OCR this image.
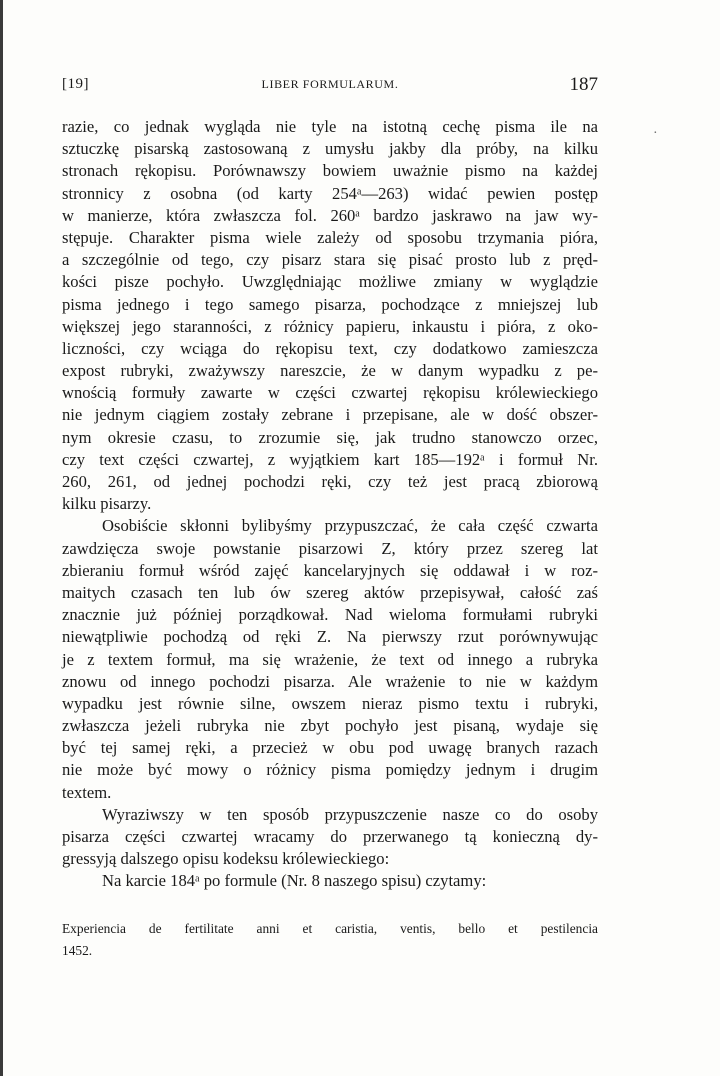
[19]	LIBER FORMULARUM.	187
·
razie, co jednak wygląda nie tyle na istotną cechę pisma ile na
sztuczkę pisarską zastosowaną z umysłu jakby dla próby, na kilku
stronach rękopisu. Porównawszy bowiem uważnie pismo na każdej
stronnicy z osobna (od karty 254ᵃ—263) widać pewien postęp
w manierze, która zwłaszcza fol. 260ᵃ bardzo jaskrawo na jaw wy-
stępuje. Charakter pisma wiele zależy od sposobu trzymania pióra,
a szczególnie od tego, czy pisarz stara się pisać prosto lub z pręd-
kości pisze pochyło. Uwzględniając możliwe zmiany w wyglądzie
pisma jednego i tego samego pisarza, pochodzące z mniejszej lub
większej jego staranności, z różnicy papieru, inkaustu i pióra, z oko-
liczności, czy wciąga do rękopisu text, czy dodatkowo zamieszcza
expost rubryki, zważywszy nareszcie, że w danym wypadku z pe-
wnością formuły zawarte w części czwartej rękopisu królewieckiego
nie jednym ciągiem zostały zebrane i przepisane, ale w dość obszer-
nym okresie czasu, to zrozumie się, jak trudno stanowczo orzec,
czy text części czwartej, z wyjątkiem kart 185—192ᵃ i formuł Nr.
260, 261, od jednej pochodzi ręki, czy też jest pracą zbiorową
kilku pisarzy.
Osobiście skłonni bylibyśmy przypuszczać, że cała część czwarta
zawdzięcza swoje powstanie pisarzowi Z, który przez szereg lat
zbieraniu formuł wśród zajęć kancelaryjnych się oddawał i w roz-
maitych czasach ten lub ów szereg aktów przepisywał, całość zaś
znacznie już później porządkował. Nad wieloma formułami rubryki
niewątpliwie pochodzą od ręki Z. Na pierwszy rzut porównywując
je z textem formuł, ma się wrażenie, że text od innego a rubryka
znowu od innego pochodzi pisarza. Ale wrażenie to nie w każdym
wypadku jest równie silne, owszem nieraz pismo textu i rubryki,
zwłaszcza jeżeli rubryka nie zbyt pochyło jest pisaną, wydaje się
być tej samej ręki, a przecież w obu pod uwagę branych razach
nie może być mowy o różnicy pisma pomiędzy jednym i drugim
textem.
Wyraziwszy w ten sposób przypuszczenie nasze co do osoby
pisarza części czwartej wracamy do przerwanego tą konieczną dy-
gressyją dalszego opisu kodeksu królewieckiego:
Na karcie 184ᵃ po formule (Nr. 8 naszego spisu) czytamy:
Experiencia de fertilitate anni et caristia, ventis, bello et pestilencia
1452.
